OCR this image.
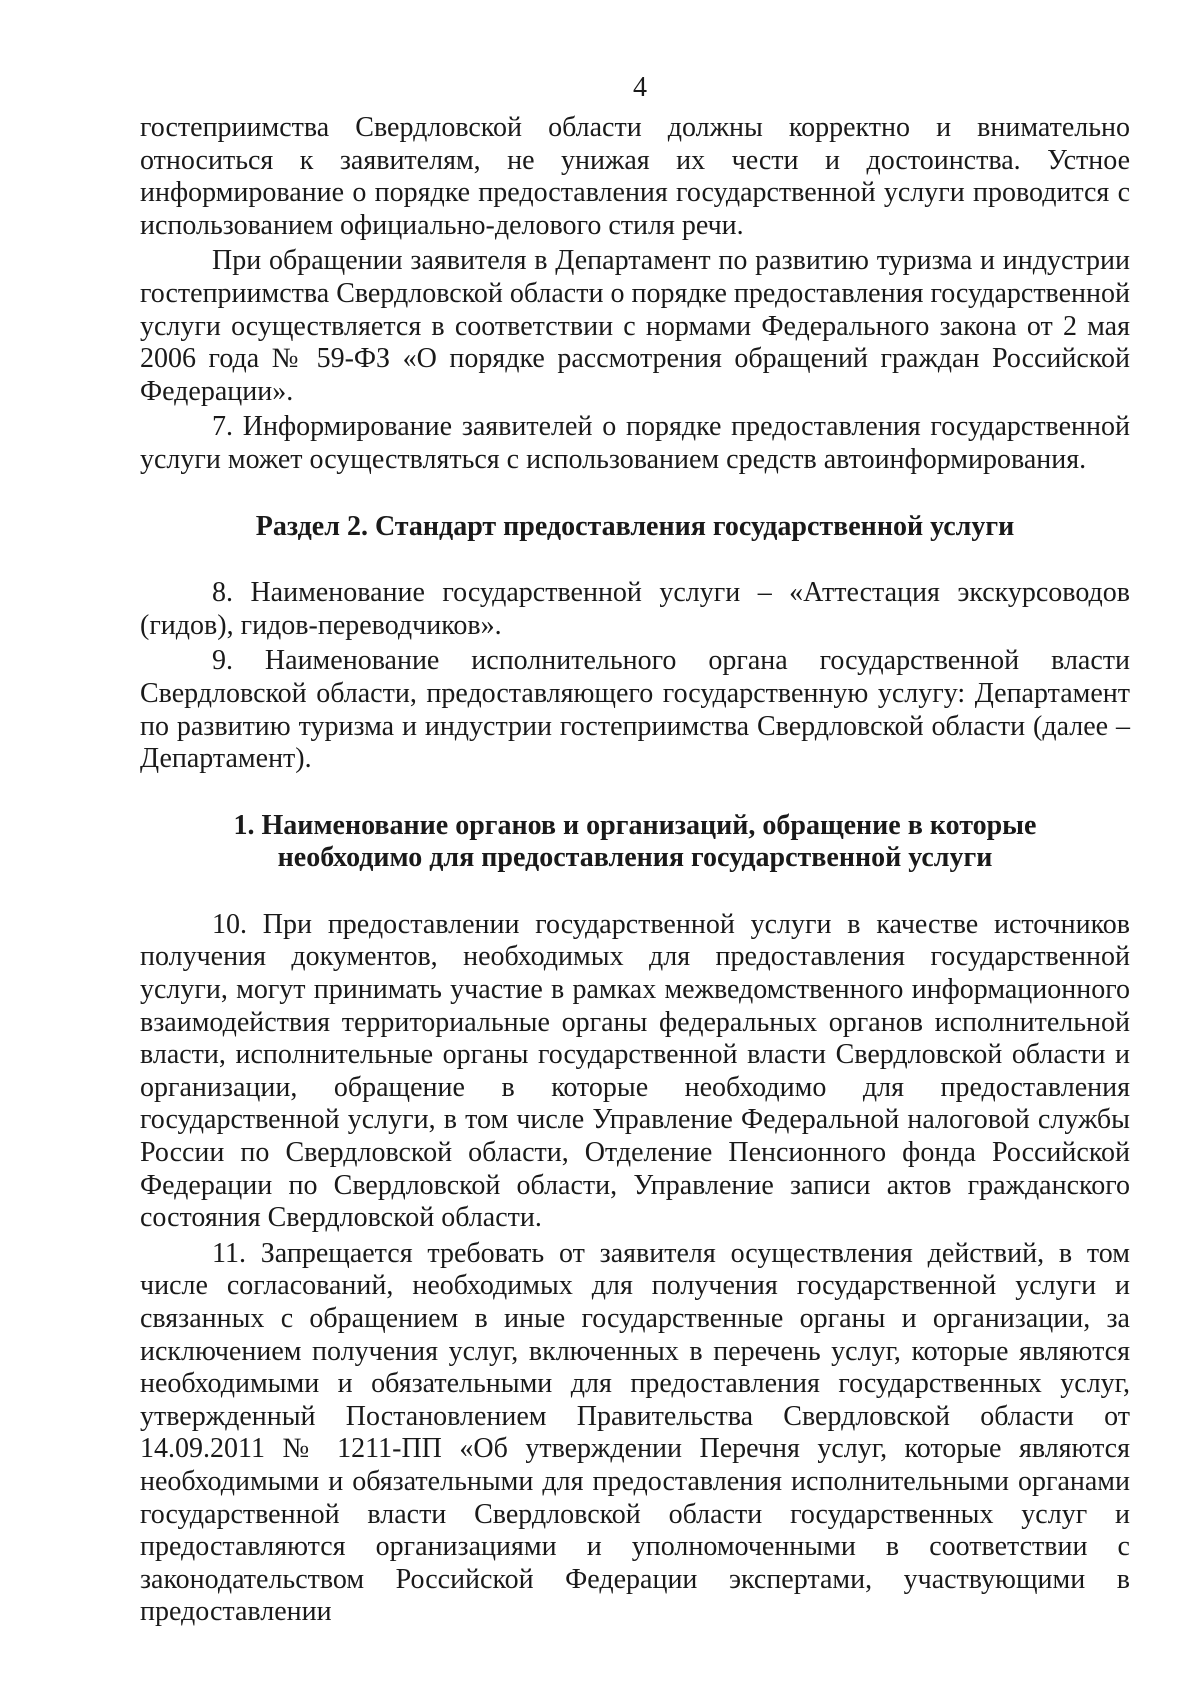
4

гостеприимства Свердловской области должны корректно и внимательно относиться к заявителям, не унижая их чести и достоинства. Устное информирование о порядке предоставления государственной услуги проводится с использованием официально-делового стиля речи.

При обращении заявителя в Департамент по развитию туризма и индустрии гостеприимства Свердловской области о порядке предоставления государственной услуги осуществляется в соответствии с нормами Федерального закона от 2 мая 2006 года № 59-ФЗ «О порядке рассмотрения обращений граждан Российской Федерации».

7. Информирование заявителей о порядке предоставления государственной услуги может осуществляться с использованием средств автоинформирования.

Раздел 2. Стандарт предоставления государственной услуги

8. Наименование государственной услуги – «Аттестация экскурсоводов (гидов), гидов-переводчиков».

9. Наименование исполнительного органа государственной власти Свердловской области, предоставляющего государственную услугу: Департамент по развитию туризма и индустрии гостеприимства Свердловской области (далее – Департамент).

1. Наименование органов и организаций, обращение в которые

необходимо для предоставления государственной услуги

10. При предоставлении государственной услуги в качестве источников получения документов, необходимых для предоставления государственной услуги, могут принимать участие в рамках межведомственного информационного взаимодействия территориальные органы федеральных органов исполнительной власти, исполнительные органы государственной власти Свердловской области и организации, обращение в которые необходимо для предоставления государственной услуги, в том числе Управление Федеральной налоговой службы России по Свердловской области, Отделение Пенсионного фонда Российской Федерации по Свердловской области, Управление записи актов гражданского состояния Свердловской области.

11. Запрещается требовать от заявителя осуществления действий, в том числе согласований, необходимых для получения государственной услуги и связанных с обращением в иные государственные органы и организации, за исключением получения услуг, включенных в перечень услуг, которые являются необходимыми и обязательными для предоставления государственных услуг, утвержденный Постановлением Правительства Свердловской области от 14.09.2011 № 1211-ПП «Об утверждении Перечня услуг, которые являются необходимыми и обязательными для предоставления исполнительными органами государственной власти Свердловской области государственных услуг и предоставляются организациями и уполномоченными в соответствии с законодательством Российской Федерации экспертами, участвующими в предоставлении
